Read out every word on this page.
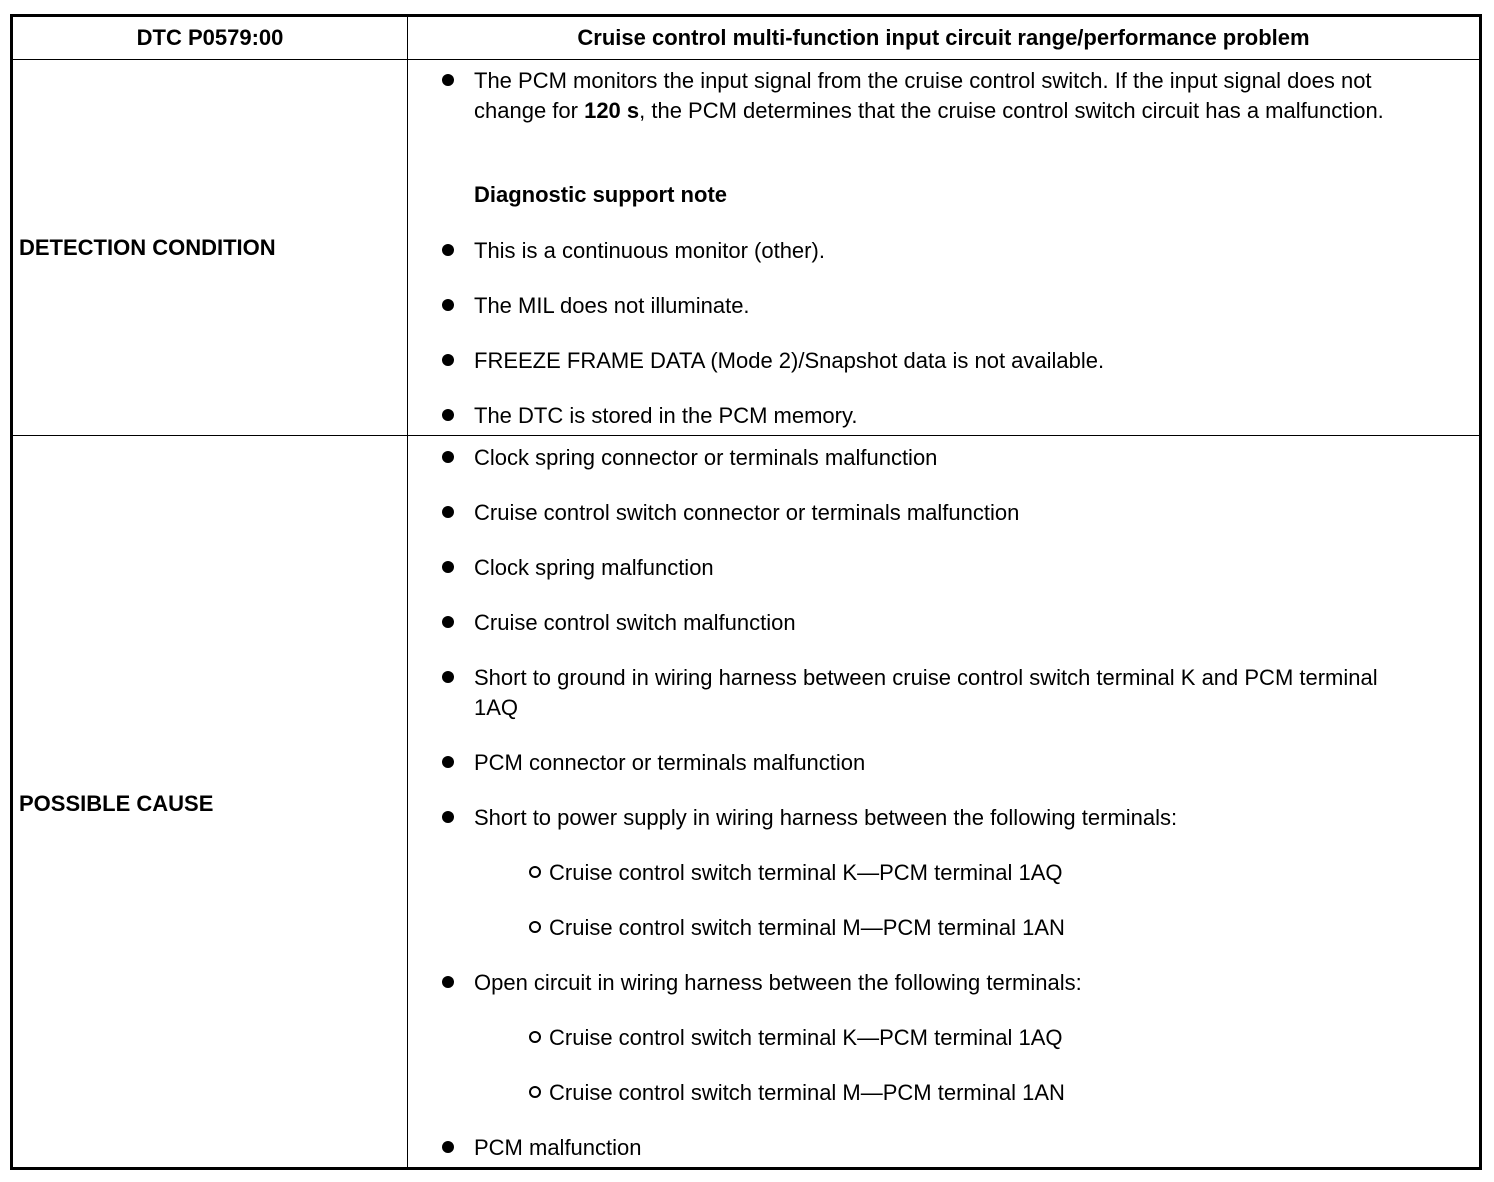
DTC P0579:00	Cruise control multi-function input circuit range/performance problem
DETECTION CONDITION
POSSIBLE CAUSE
The PCM monitors the input signal from the cruise control switch. If the input signal does not change for 120 s, the PCM determines that the cruise control switch circuit has a malfunction.
Diagnostic support note
This is a continuous monitor (other).
The MIL does not illuminate.
FREEZE FRAME DATA (Mode 2)/Snapshot data is not available.
The DTC is stored in the PCM memory.
Clock spring connector or terminals malfunction
Cruise control switch connector or terminals malfunction
Clock spring malfunction
Cruise control switch malfunction
Short to ground in wiring harness between cruise control switch terminal K and PCM terminal 1AQ
PCM connector or terminals malfunction
Short to power supply in wiring harness between the following terminals:
Cruise control switch terminal K—PCM terminal 1AQ
Cruise control switch terminal M—PCM terminal 1AN
Open circuit in wiring harness between the following terminals:
Cruise control switch terminal K—PCM terminal 1AQ
Cruise control switch terminal M—PCM terminal 1AN
PCM malfunction
